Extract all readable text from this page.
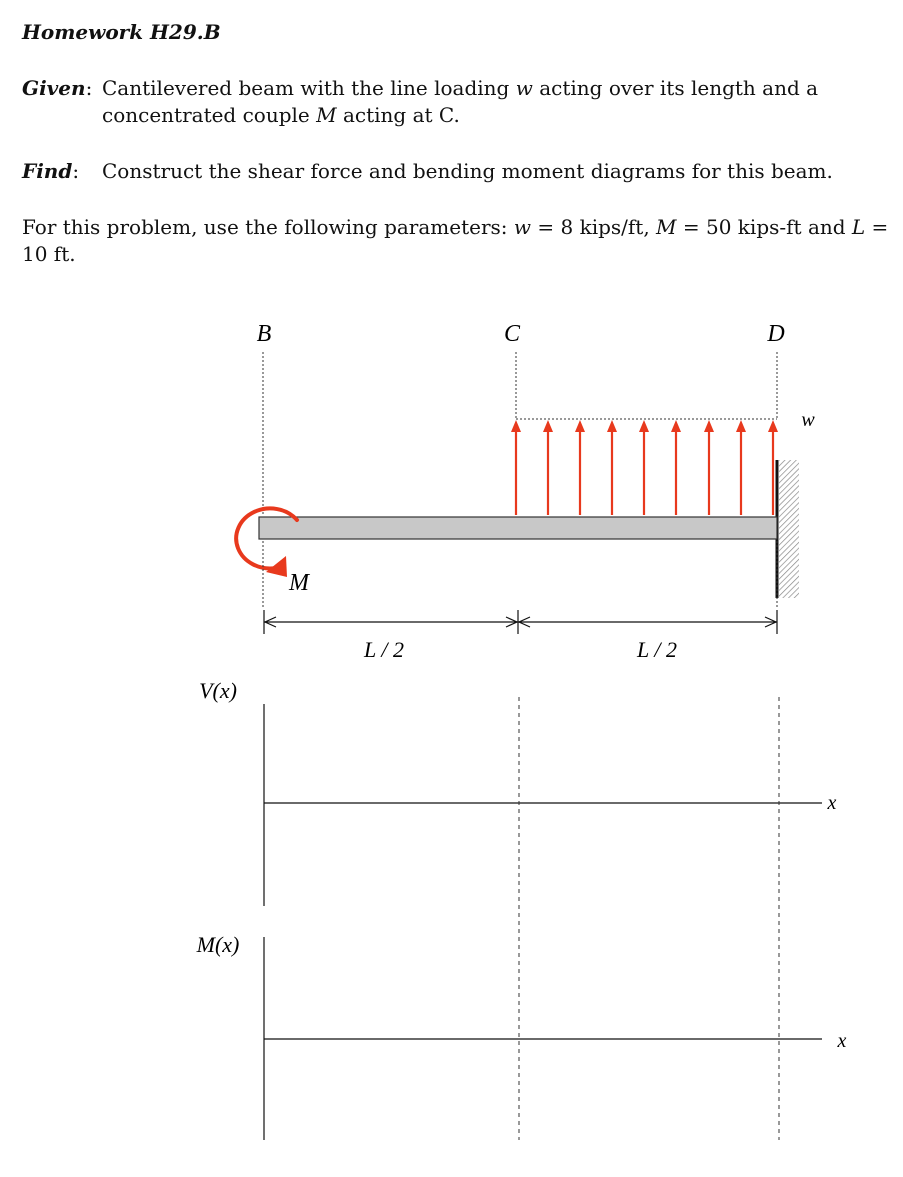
Homework H29.B
Given: Cantilevered beam with the line loading w acting over its length and a
concentrated couple M acting at C.
Find: Construct the shear force and bending moment diagrams for this beam.
For this problem, use the following parameters: w = 8 kips/ft, M = 50 kips-ft and L =
10 ft.
B	C	D
w
M
L / 2	L / 2
V(x)
x
M(x)
x
